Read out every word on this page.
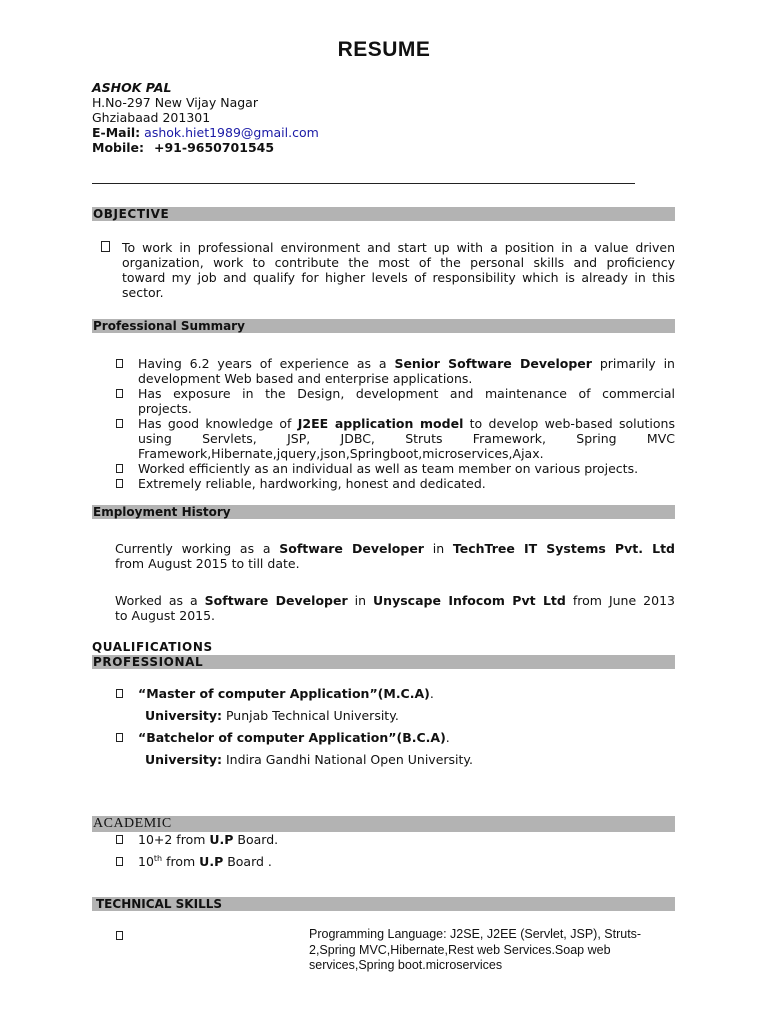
RESUME
ASHOK PAL
H.No-297 New Vijay Nagar
Ghziabaad 201301
E-Mail: ashok.hiet1989@gmail.com
Mobile: +91-9650701545
OBJECTIVE
To work in professional environment and start up with a position in a value driven
organization, work to contribute the most of the personal skills and proficiency
toward my job and qualify for higher levels of responsibility which is already in this
sector.
Professional Summary
Having 6.2 years of experience as a Senior Software Developer primarily in
development Web based and enterprise applications.
Has exposure in the Design, development and maintenance of commercial
projects.
Has good knowledge of J2EE application model to develop web-based solutions
using Servlets, JSP, JDBC, Struts Framework, Spring MVC
Framework,Hibernate,jquery,json,Springboot,microservices,Ajax.
Worked efficiently as an individual as well as team member on various projects.
Extremely reliable, hardworking, honest and dedicated.
Employment History
Currently working as a Software Developer in TechTree IT Systems Pvt. Ltd
from August 2015 to till date.
Worked as a Software Developer in Unyscape Infocom Pvt Ltd from June 2013
to August 2015.
QUALIFICATIONS
PROFESSIONAL
“Master of computer Application”(M.C.A).
University: Punjab Technical University.
“Batchelor of computer Application”(B.C.A).
University: Indira Gandhi National Open University.
ACADEMIC
10+2 from U.P Board.
10th from U.P Board .
TECHNICAL SKILLS
Programming Language: J2SE, J2EE (Servlet, JSP), Struts-
2,Spring MVC,Hibernate,Rest web Services.Soap web
services,Spring boot.microservices
